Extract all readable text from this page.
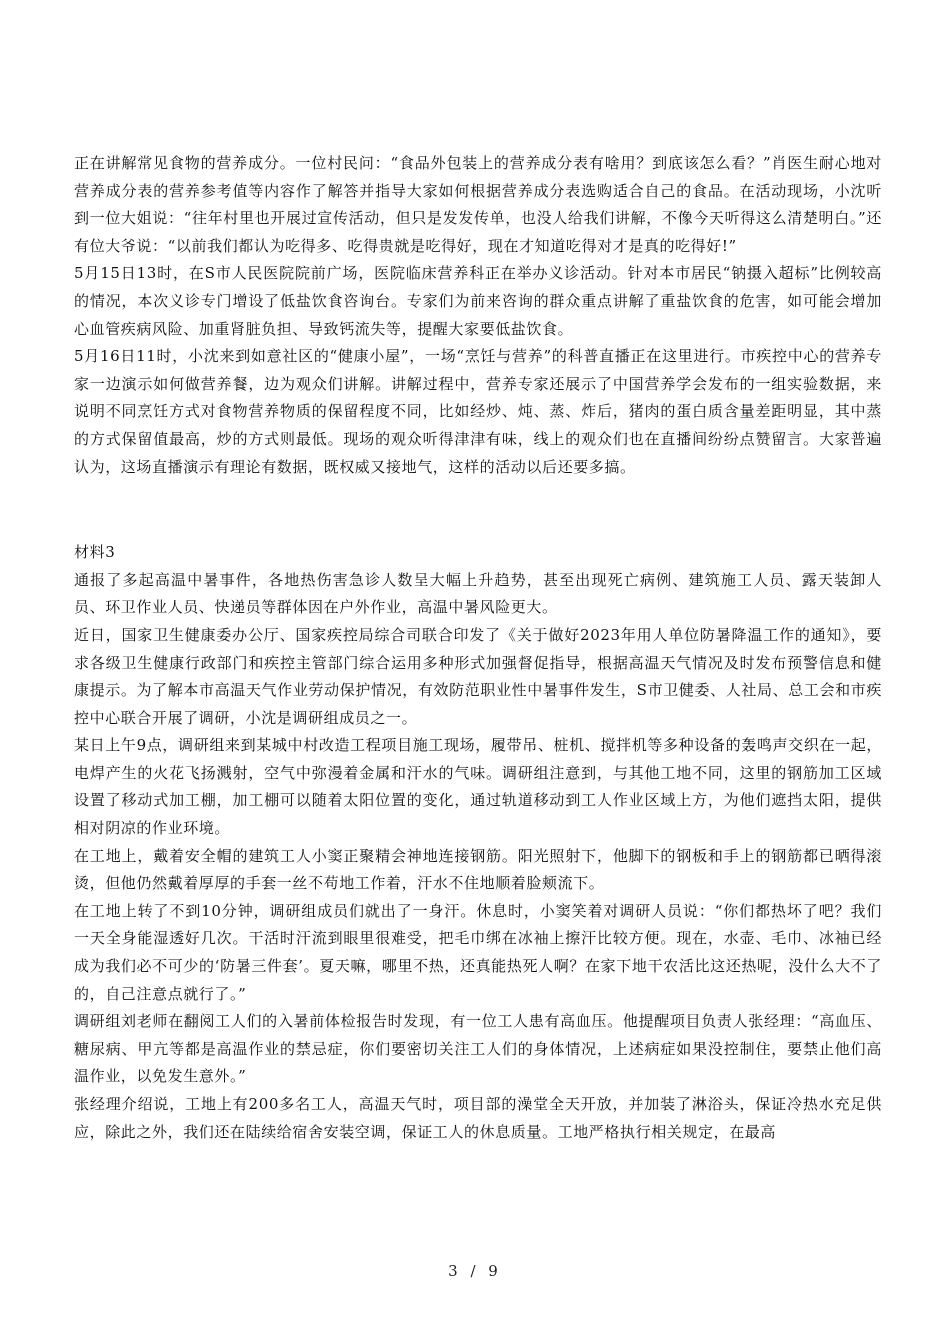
正在讲解常见食物的营养成分。一位村民问：“食品外包装上的营养成分表有啥用？到底该怎么看？”肖医生耐心地对营养成分表的营养参考值等内容作了解答并指导大家如何根据营养成分表选购适合自己的食品。在活动现场，小沈听到一位大姐说：“往年村里也开展过宣传活动，但只是发发传单，也没人给我们讲解，不像今天听得这么清楚明白。”还有位大爷说：“以前我们都认为吃得多、吃得贵就是吃得好，现在才知道吃得对才是真的吃得好!”

5月15日13时，在S市人民医院院前广场，医院临床营养科正在举办义诊活动。针对本市居民“钠摄入超标”比例较高的情况，本次义诊专门增设了低盐饮食咨询台。专家们为前来咨询的群众重点讲解了重盐饮食的危害，如可能会增加心血管疾病风险、加重肾脏负担、导致钙流失等，提醒大家要低盐饮食。

5月16日11时，小沈来到如意社区的“健康小屋”，一场“烹饪与营养”的科普直播正在这里进行。市疾控中心的营养专家一边演示如何做营养餐，边为观众们讲解。讲解过程中，营养专家还展示了中国营养学会发布的一组实验数据，来说明不同烹饪方式对食物营养物质的保留程度不同，比如经炒、炖、蒸、炸后，猪肉的蛋白质含量差距明显，其中蒸的方式保留值最高，炒的方式则最低。现场的观众听得津津有味，线上的观众们也在直播间纷纷点赞留言。大家普遍认为，这场直播演示有理论有数据，既权威又接地气，这样的活动以后还要多搞。

材料3

通报了多起高温中暑事件，各地热伤害急诊人数呈大幅上升趋势，甚至出现死亡病例、建筑施工人员、露天装卸人员、环卫作业人员、快递员等群体因在户外作业，高温中暑风险更大。

近日，国家卫生健康委办公厅、国家疾控局综合司联合印发了《关于做好2023年用人单位防暑降温工作的通知》，要求各级卫生健康行政部门和疾控主管部门综合运用多种形式加强督促指导，根据高温天气情况及时发布预警信息和健康提示。为了解本市高温天气作业劳动保护情况，有效防范职业性中暑事件发生，S市卫健委、人社局、总工会和市疾控中心联合开展了调研，小沈是调研组成员之一。

某日上午9点，调研组来到某城中村改造工程项目施工现场，履带吊、桩机、搅拌机等多种设备的轰鸣声交织在一起，电焊产生的火花飞扬溅射，空气中弥漫着金属和汗水的气味。调研组注意到，与其他工地不同，这里的钢筋加工区域设置了移动式加工棚，加工棚可以随着太阳位置的变化，通过轨道移动到工人作业区域上方，为他们遮挡太阳，提供相对阴凉的作业环境。

在工地上，戴着安全帽的建筑工人小窦正聚精会神地连接钢筋。阳光照射下，他脚下的钢板和手上的钢筋都已晒得滚烫，但他仍然戴着厚厚的手套一丝不苟地工作着，汗水不住地顺着脸颊流下。

在工地上转了不到10分钟，调研组成员们就出了一身汗。休息时，小窦笑着对调研人员说：“你们都热坏了吧？我们一天全身能湿透好几次。干活时汗流到眼里很难受，把毛巾绑在冰袖上擦汗比较方便。现在，水壶、毛巾、冰袖已经成为我们必不可少的‘防暑三件套’。夏天嘛，哪里不热，还真能热死人啊？在家下地干农活比这还热呢，没什么大不了的，自己注意点就行了。”

调研组刘老师在翻阅工人们的入暑前体检报告时发现，有一位工人患有高血压。他提醒项目负责人张经理：“高血压、糖尿病、甲亢等都是高温作业的禁忌症，你们要密切关注工人们的身体情况，上述病症如果没控制住，要禁止他们高温作业，以免发生意外。”

张经理介绍说，工地上有200多名工人，高温天气时，项目部的澡堂全天开放，并加装了淋浴头，保证冷热水充足供应，除此之外，我们还在陆续给宿舍安装空调，保证工人的休息质量。工地严格执行相关规定，在最高

3 / 9
